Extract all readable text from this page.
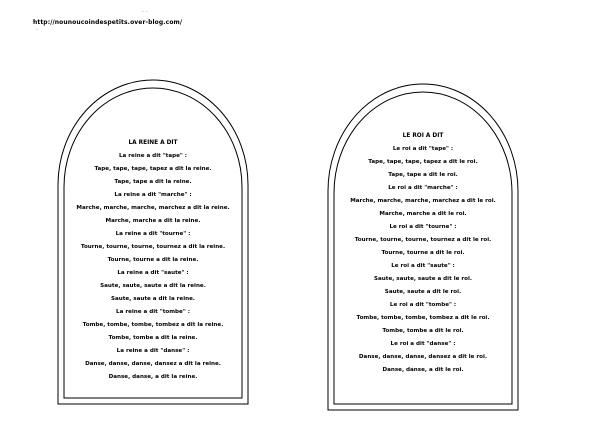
http://nounoucoindespetits.over-blog.com/
· ·
·
LA REINE A DIT
La reine a dit "tape" :
Tape, tape, tape, tapez a dit la reine.
Tape, tape a dit la reine.
La reine a dit "marche" :
Marche, marche, marche, marchez a dit la reine.
Marche, marche a dit la reine.
La reine a dit "tourne" :
Tourne, tourne, tourne, tournez a dit la reine.
Tourne, tourne a dit la reine.
La reine a dit "saute" :
Saute, saute, saute a dit la reine.
Saute, saute a dit la reine.
La reine a dit "tombe" :
Tombe, tombe, tombe, tombez a dit la reine.
Tombe, tombe a dit la reine.
La reine a dit "danse" :
Danse, danse, danse, dansez a dit la reine.
Danse, danse, a dit la reine.
LE ROI A DIT
Le roi a dit "tape" :
Tape, tape, tape, tapez a dit le roi.
Tape, tape a dit le roi.
Le roi a dit "marche" :
Marche, marche, marche, marchez a dit le roi.
Marche, marche a dit le roi.
Le roi a dit "tourne" :
Tourne, tourne, tourne, tournez a dit le roi.
Tourne, tourne a dit le roi.
Le roi a dit "saute" :
Saute, saute, saute a dit le roi.
Saute, saute a dit le roi.
Le roi a dit "tombe" :
Tombe, tombe, tombe, tombez a dit le roi.
Tombe, tombe a dit le roi.
Le roi a dit "danse" :
Danse, danse, danse, dansez a dit le roi.
Danse, danse, a dit le roi.
